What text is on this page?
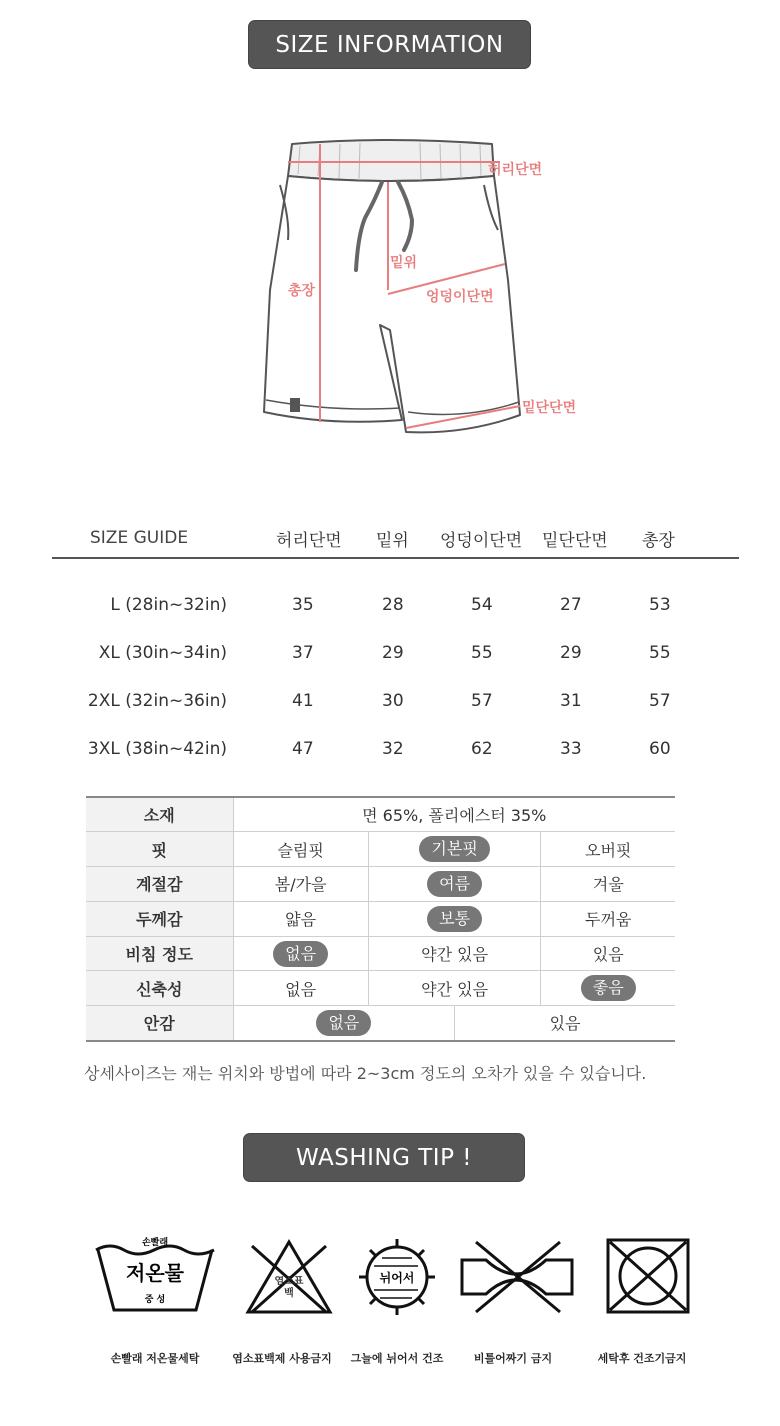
SIZE INFORMATION
허리단면
밑위
총장	엉덩이단면
밑단단면
SIZE GUIDE	허리단면 밑위 엉덩이단면 밑단단면 총장
L (28in~32in)	35	28	54	27	53
XL (30in~34in)	37	29	55	29	55
2XL (32in~36in)	41	30	57	31	57
3XL (38in~42in)	47	32	62	33	60
소재	면 65%, 폴리에스터 35%			
핏	슬림핏	기본핏		오버핏
계절감	봄/가을	여름		겨울
두께감	얇음	보통		두꺼움
비침 정도	없음	약간 있음		있음
신축성	없음	약간 있음		좋음
안감	없음		있음	
상세사이즈는 재는 위치와 방법에 따라 2~3cm 정도의 오차가 있을 수 있습니다.
WASHING TIP !
손빨래
저온물
중 성
염소표백
뉘어서
손빨래 저온물세탁	염소표백제 사용금지 그늘에 뉘어서 건조	비틀어짜기 금지	세탁후 건조기금지
